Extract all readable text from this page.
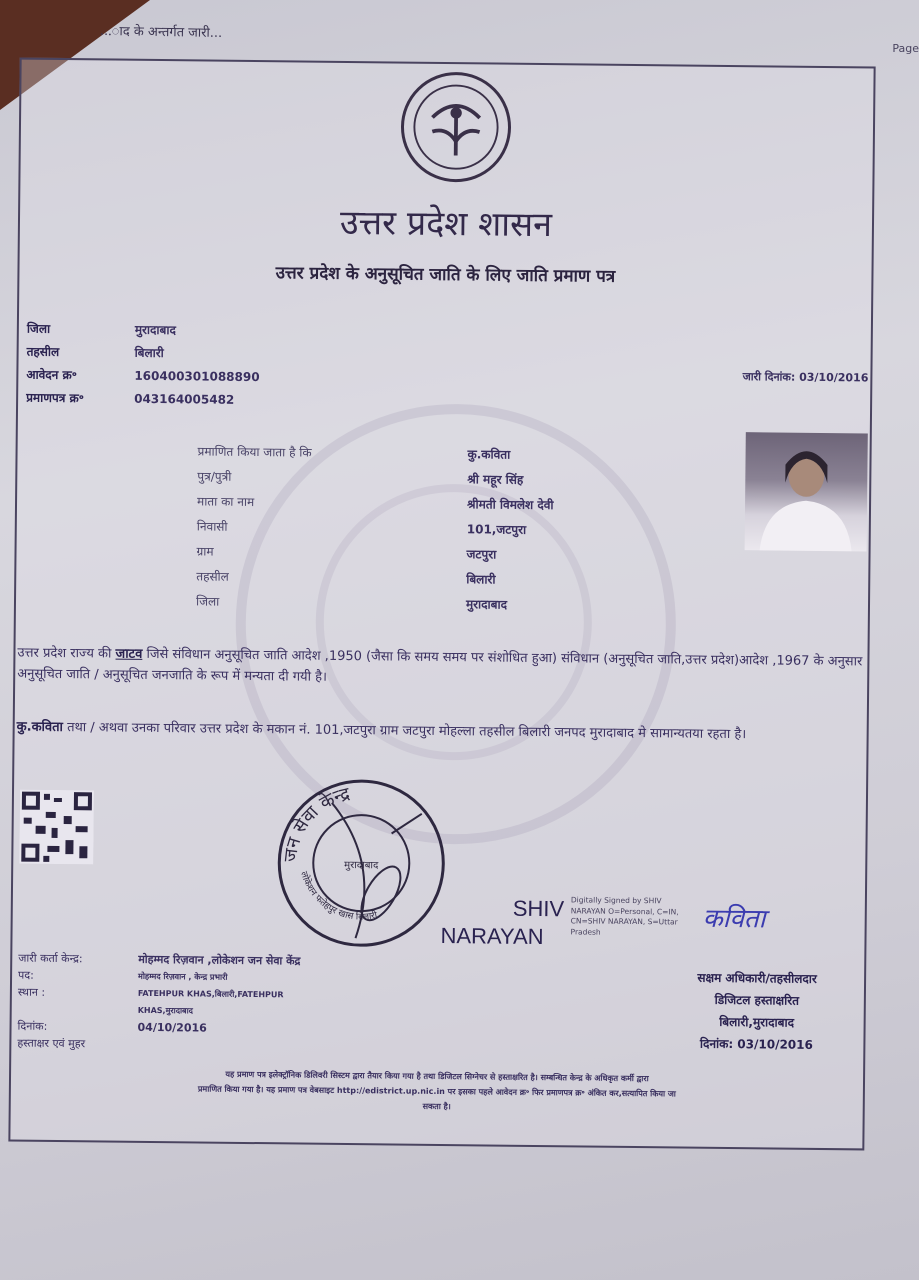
...ाद के अन्तर्गत जारी...
Page
उत्तर प्रदेश शासन
उत्तर प्रदेश के अनुसूचित जाति के लिए जाति प्रमाण पत्र
जिला	मुरादाबाद
तहसील	बिलारी
आवेदन क्र॰	160400301088890
प्रमाणपत्र क्र॰	043164005482
जारी दिनांक: 03/10/2016
प्रमाणित किया जाता है कि	कु.कविता
पुत्र/पुत्री	श्री महूर सिंह
माता का नाम	श्रीमती विमलेश देवी
निवासी	101,जटपुरा
ग्राम	जटपुरा
तहसील	बिलारी
जिला	मुरादाबाद
उत्तर प्रदेश राज्य की जाटव जिसे संविधान अनुसूचित जाति आदेश ,1950 (जैसा कि समय समय पर संशोधित हुआ) संविधान (अनुसूचित जाति,उत्तर प्रदेश)आदेश ,1967 के अनुसार अनुसूचित जाति / अनुसूचित जनजाति के रूप में मन्यता दी गयी है।
कु.कविता तथा / अथवा उनका परिवार उत्तर प्रदेश के मकान नं. 101,जटपुरा ग्राम जटपुरा मोहल्ला तहसील बिलारी जनपद मुरादाबाद मे सामान्यतया रहता है।
जन सेवा केन्द्र
लोकेशन फतेहपुर खास बिलारी
मुरादाबाद
SHIV
NARAYAN
Digitally Signed by SHIV NARAYAN O=Personal, C=IN, CN=SHIV NARAYAN, S=Uttar Pradesh	कविता
जारी कर्ता केन्द्र:	मोहम्मद रिज़वान ,लोकेशन जन सेवा केंद्र
पद:	मोहम्मद रिज़वान , केन्द्र प्रभारी
स्थान :	FATEHPUR KHAS,बिलारी,FATEHPUR KHAS,मुरादाबाद
दिनांक:	04/10/2016
हस्ताक्षर एवं मुहर
सक्षम अधिकारी/तहसीलदार
डिजिटल हस्ताक्षरित
बिलारी,मुरादाबाद
दिनांक: 03/10/2016
यह प्रमाण पत्र इलेक्ट्रॉनिक डिलिवरी सिस्टम द्वारा तैयार किया गया है तथा डिजिटल सिग्नेचर से हस्ताक्षरित है। सम्बन्धित केन्द्र के अधिकृत कर्मी द्वारा
प्रमाणित किया गया है। यह प्रमाण पत्र वेबसाइट http://edistrict.up.nic.in पर इसका पहले आवेदन क्र॰ फिर प्रमाणपत्र क्र॰ अंकित कर,सत्यापित किया जा
सकता है।
